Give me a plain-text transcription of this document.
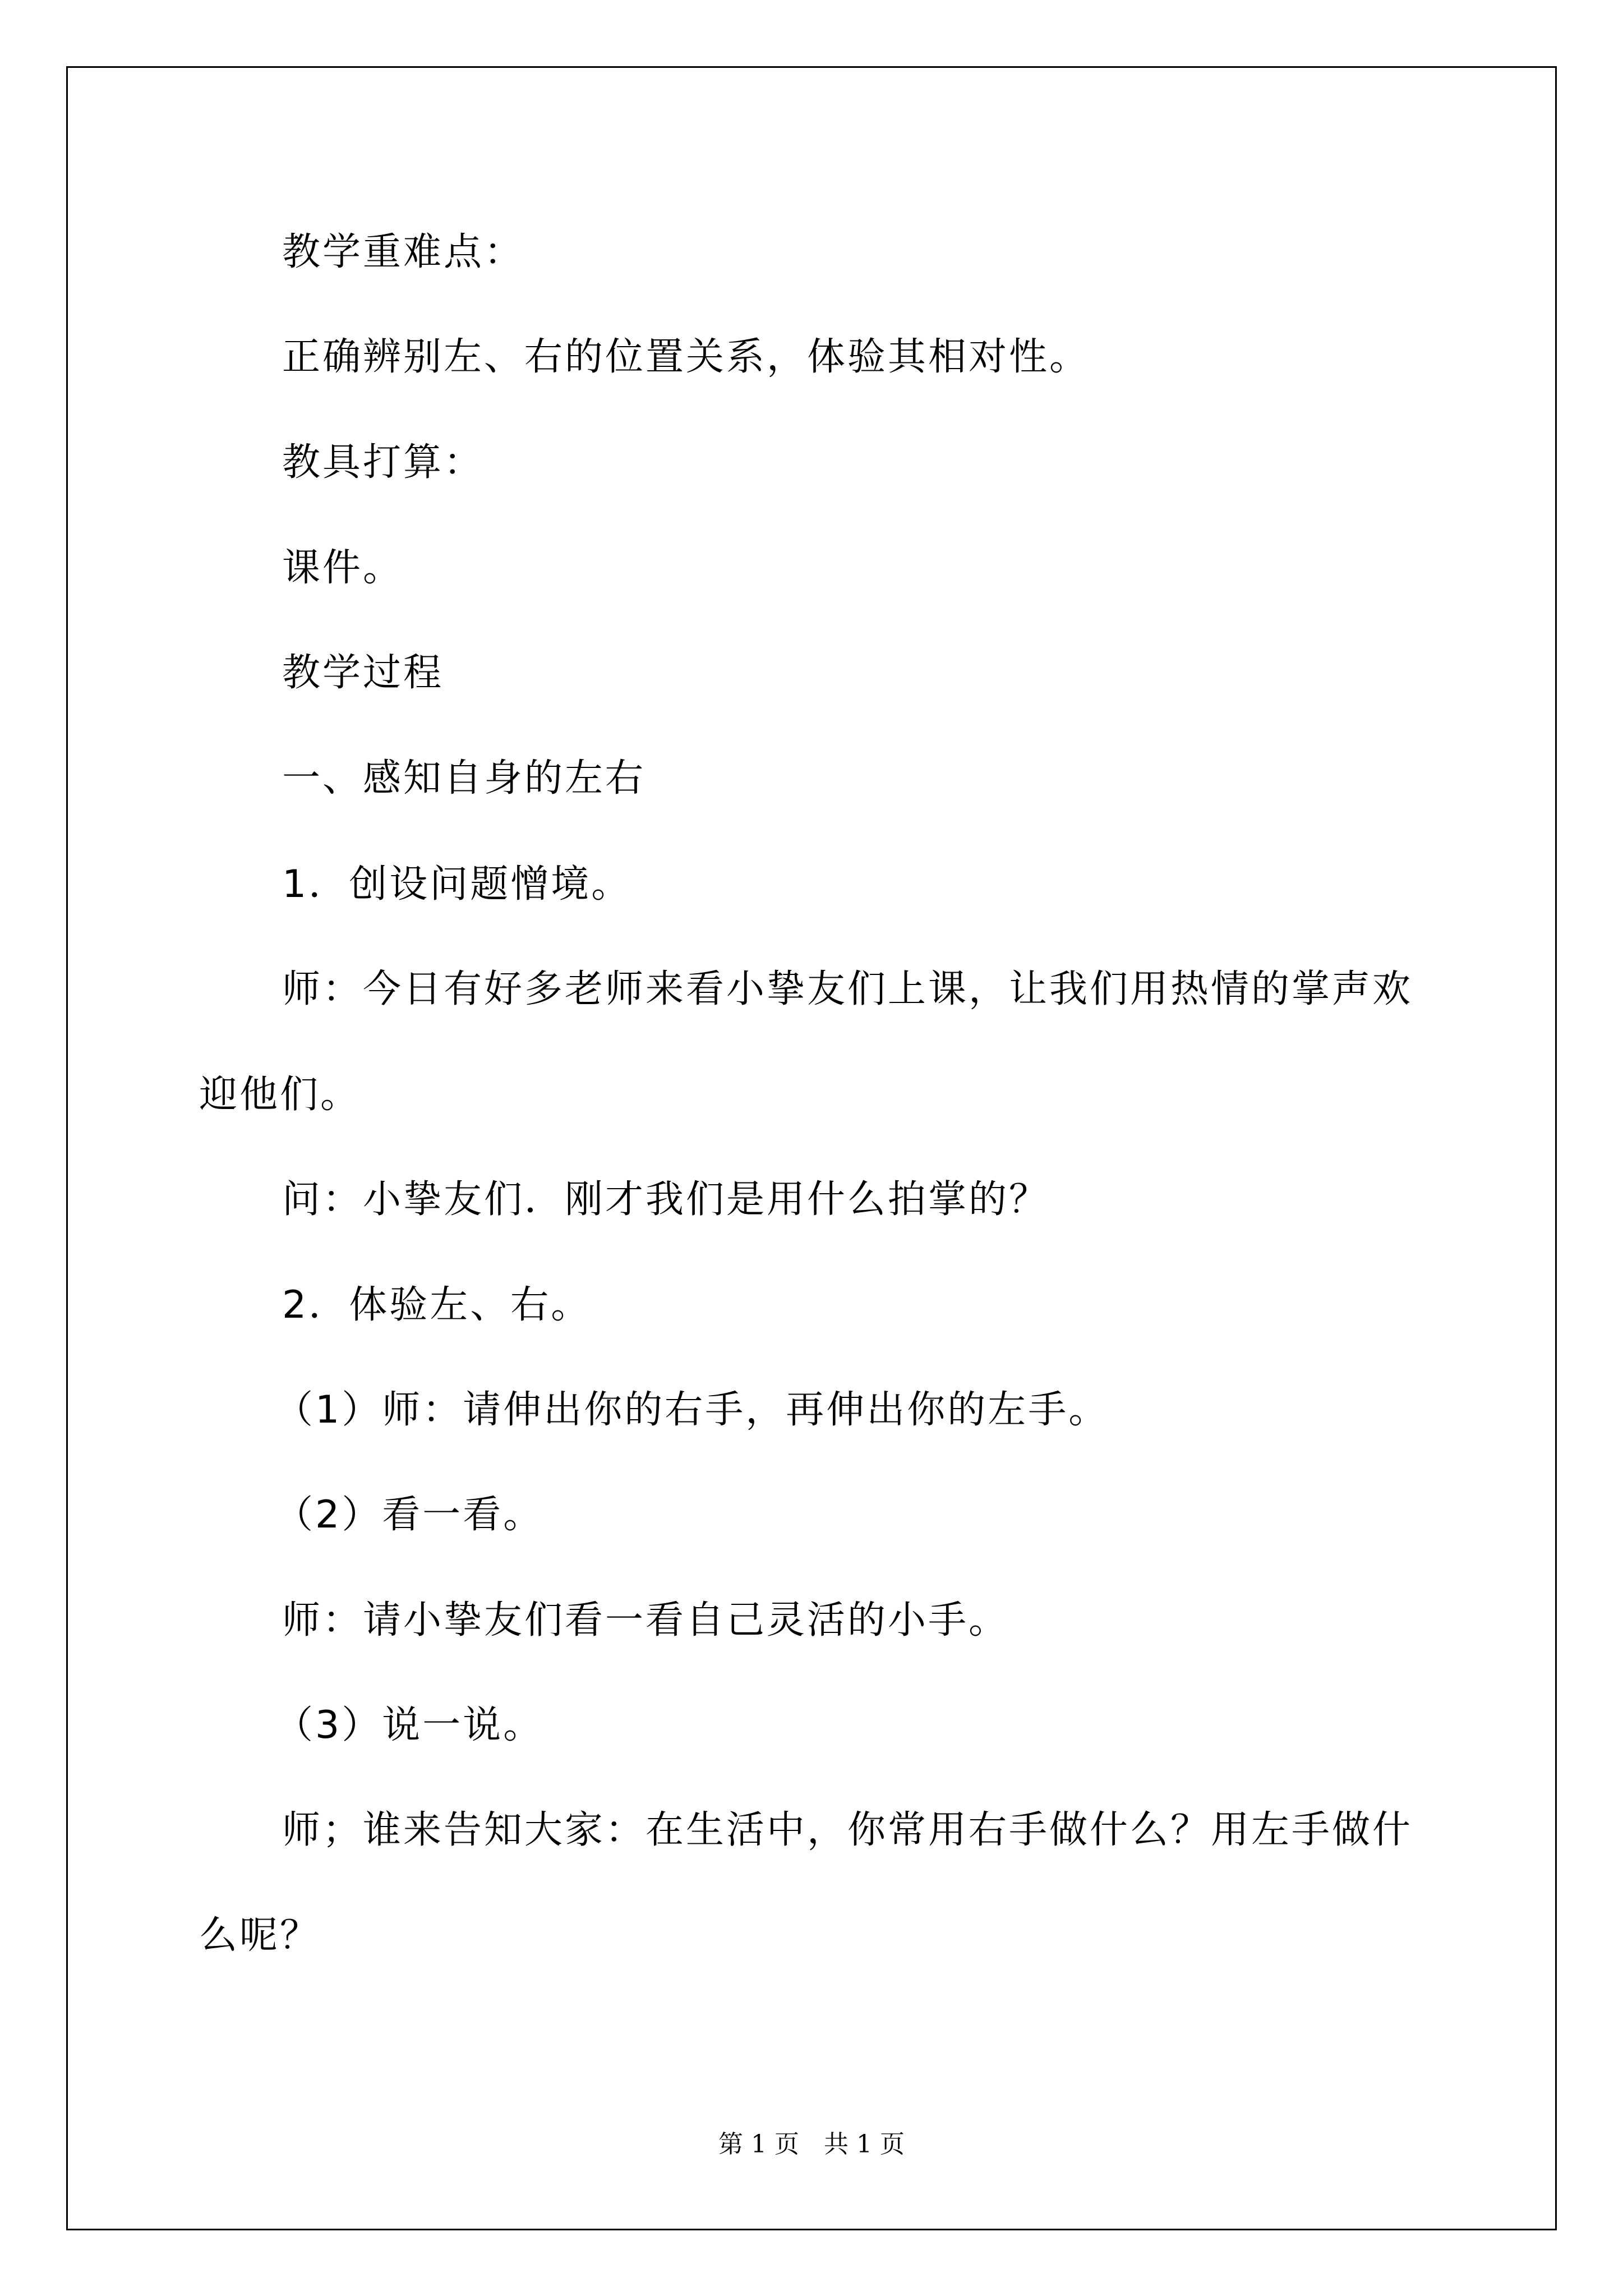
教学重难点：
正确辨别左、右的位置关系，体验其相对性。
教具打算：
课件。
教学过程
一、感知自身的左右
1．创设问题憎境。
师：今日有好多老师来看小挚友们上课，让我们用热情的掌声欢
迎他们。
问：小挚友们．刚才我们是用什么拍掌的？
2．体验左、右。
（1）师：请伸出你的右手，再伸出你的左手。
（2）看一看。
师：请小挚友们看一看自己灵活的小手。
（3）说一说。
师；谁来告知大家：在生活中，你常用右手做什么？用左手做什
么呢？
第 1 页　共 1 页
